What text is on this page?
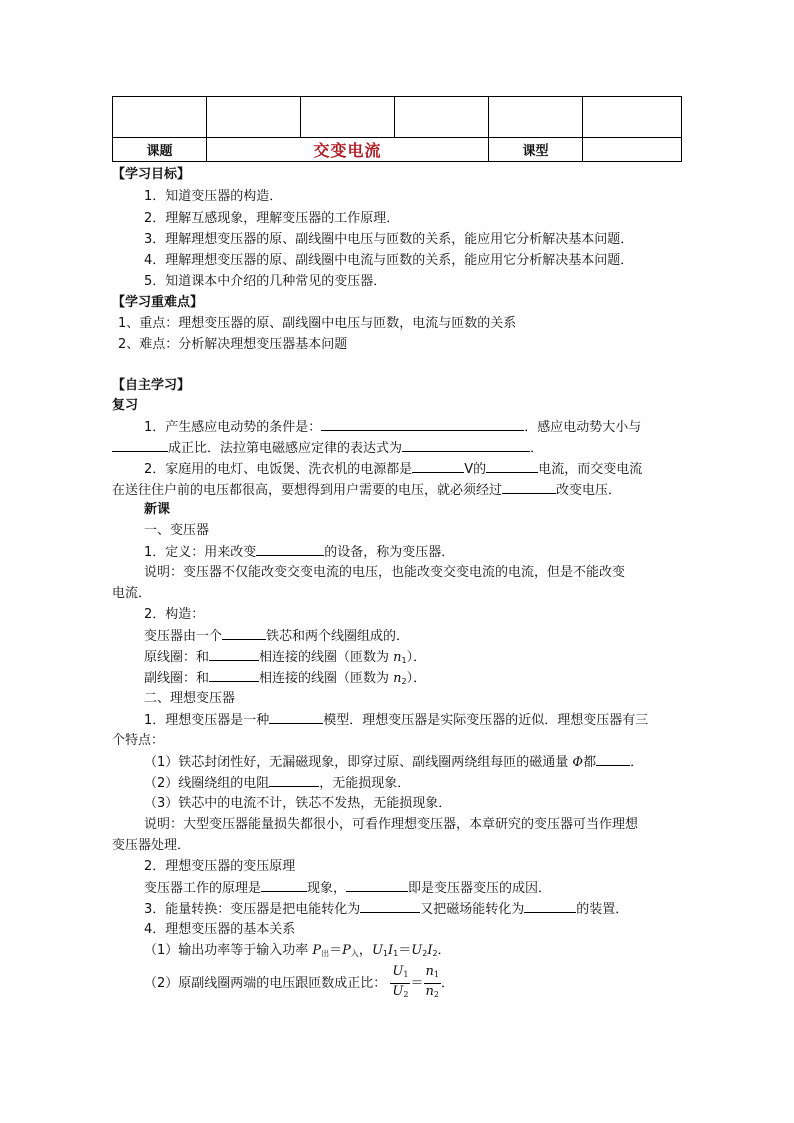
课题	交变电流			课型	
【学习目标】
1．知道变压器的构造．
2．理解互感现象，理解变压器的工作原理．
3．理解理想变压器的原、副线圈中电压与匝数的关系，能应用它分析解决基本问题．
4．理解理想变压器的原、副线圈中电流与匝数的关系，能应用它分析解决基本问题．
5．知道课本中介绍的几种常见的变压器．
【学习重难点】
1、重点：理想变压器的原、副线圈中电压与匝数，电流与匝数的关系
2、难点：分析解决理想变压器基本问题
【自主学习】
复习
1．产生感应电动势的条件是：	．感应电动势大小与
成正比．法拉第电磁感应定律的表达式为	．
2．家庭用的电灯、电饭煲、洗衣机的电源都是	V的	电流，而交变电流
在送往住户前的电压都很高，要想得到用户需要的电压，就必须经过	改变电压．
新课
一、变压器
1．定义：用来改变	的设备，称为变压器．
说明：变压器不仅能改变交变电流的电压，也能改变交变电流的电流，但是不能改变
电流．
2．构造：
变压器由一个	铁芯和两个线圈组成的．
原线圈：和	相连接的线圈（匝数为 $n_1$）．
副线圈：和	相连接的线圈（匝数为 $n_2$）．
二、理想变压器
1．理想变压器是一种	模型．理想变压器是实际变压器的近似．理想变压器有三
个特点：
（1）铁芯封闭性好，无漏磁现象，即穿过原、副线圈两绕组每匝的磁通量 Φ都	．
（2）线圈绕组的电阻	，无能损现象．
（3）铁芯中的电流不计，铁芯不发热，无能损现象．
说明：大型变压器能量损失都很小，可看作理想变压器，本章研究的变压器可当作理想
变压器处理．
2．理想变压器的变压原理
变压器工作的原理是	现象，	即是变压器变压的成因．
3．能量转换：变压器是把电能转化为	又把磁场能转化为	的装置．
4．理想变压器的基本关系
（1）输出功率等于输入功率 $P_出=P_入$，$U_1I_1=U_2I_2$．
（2）原副线圈两端的电压跟匝数成正比： $\frac{U_1}{U_2} = \frac{n_1}{n_2}$ ．
